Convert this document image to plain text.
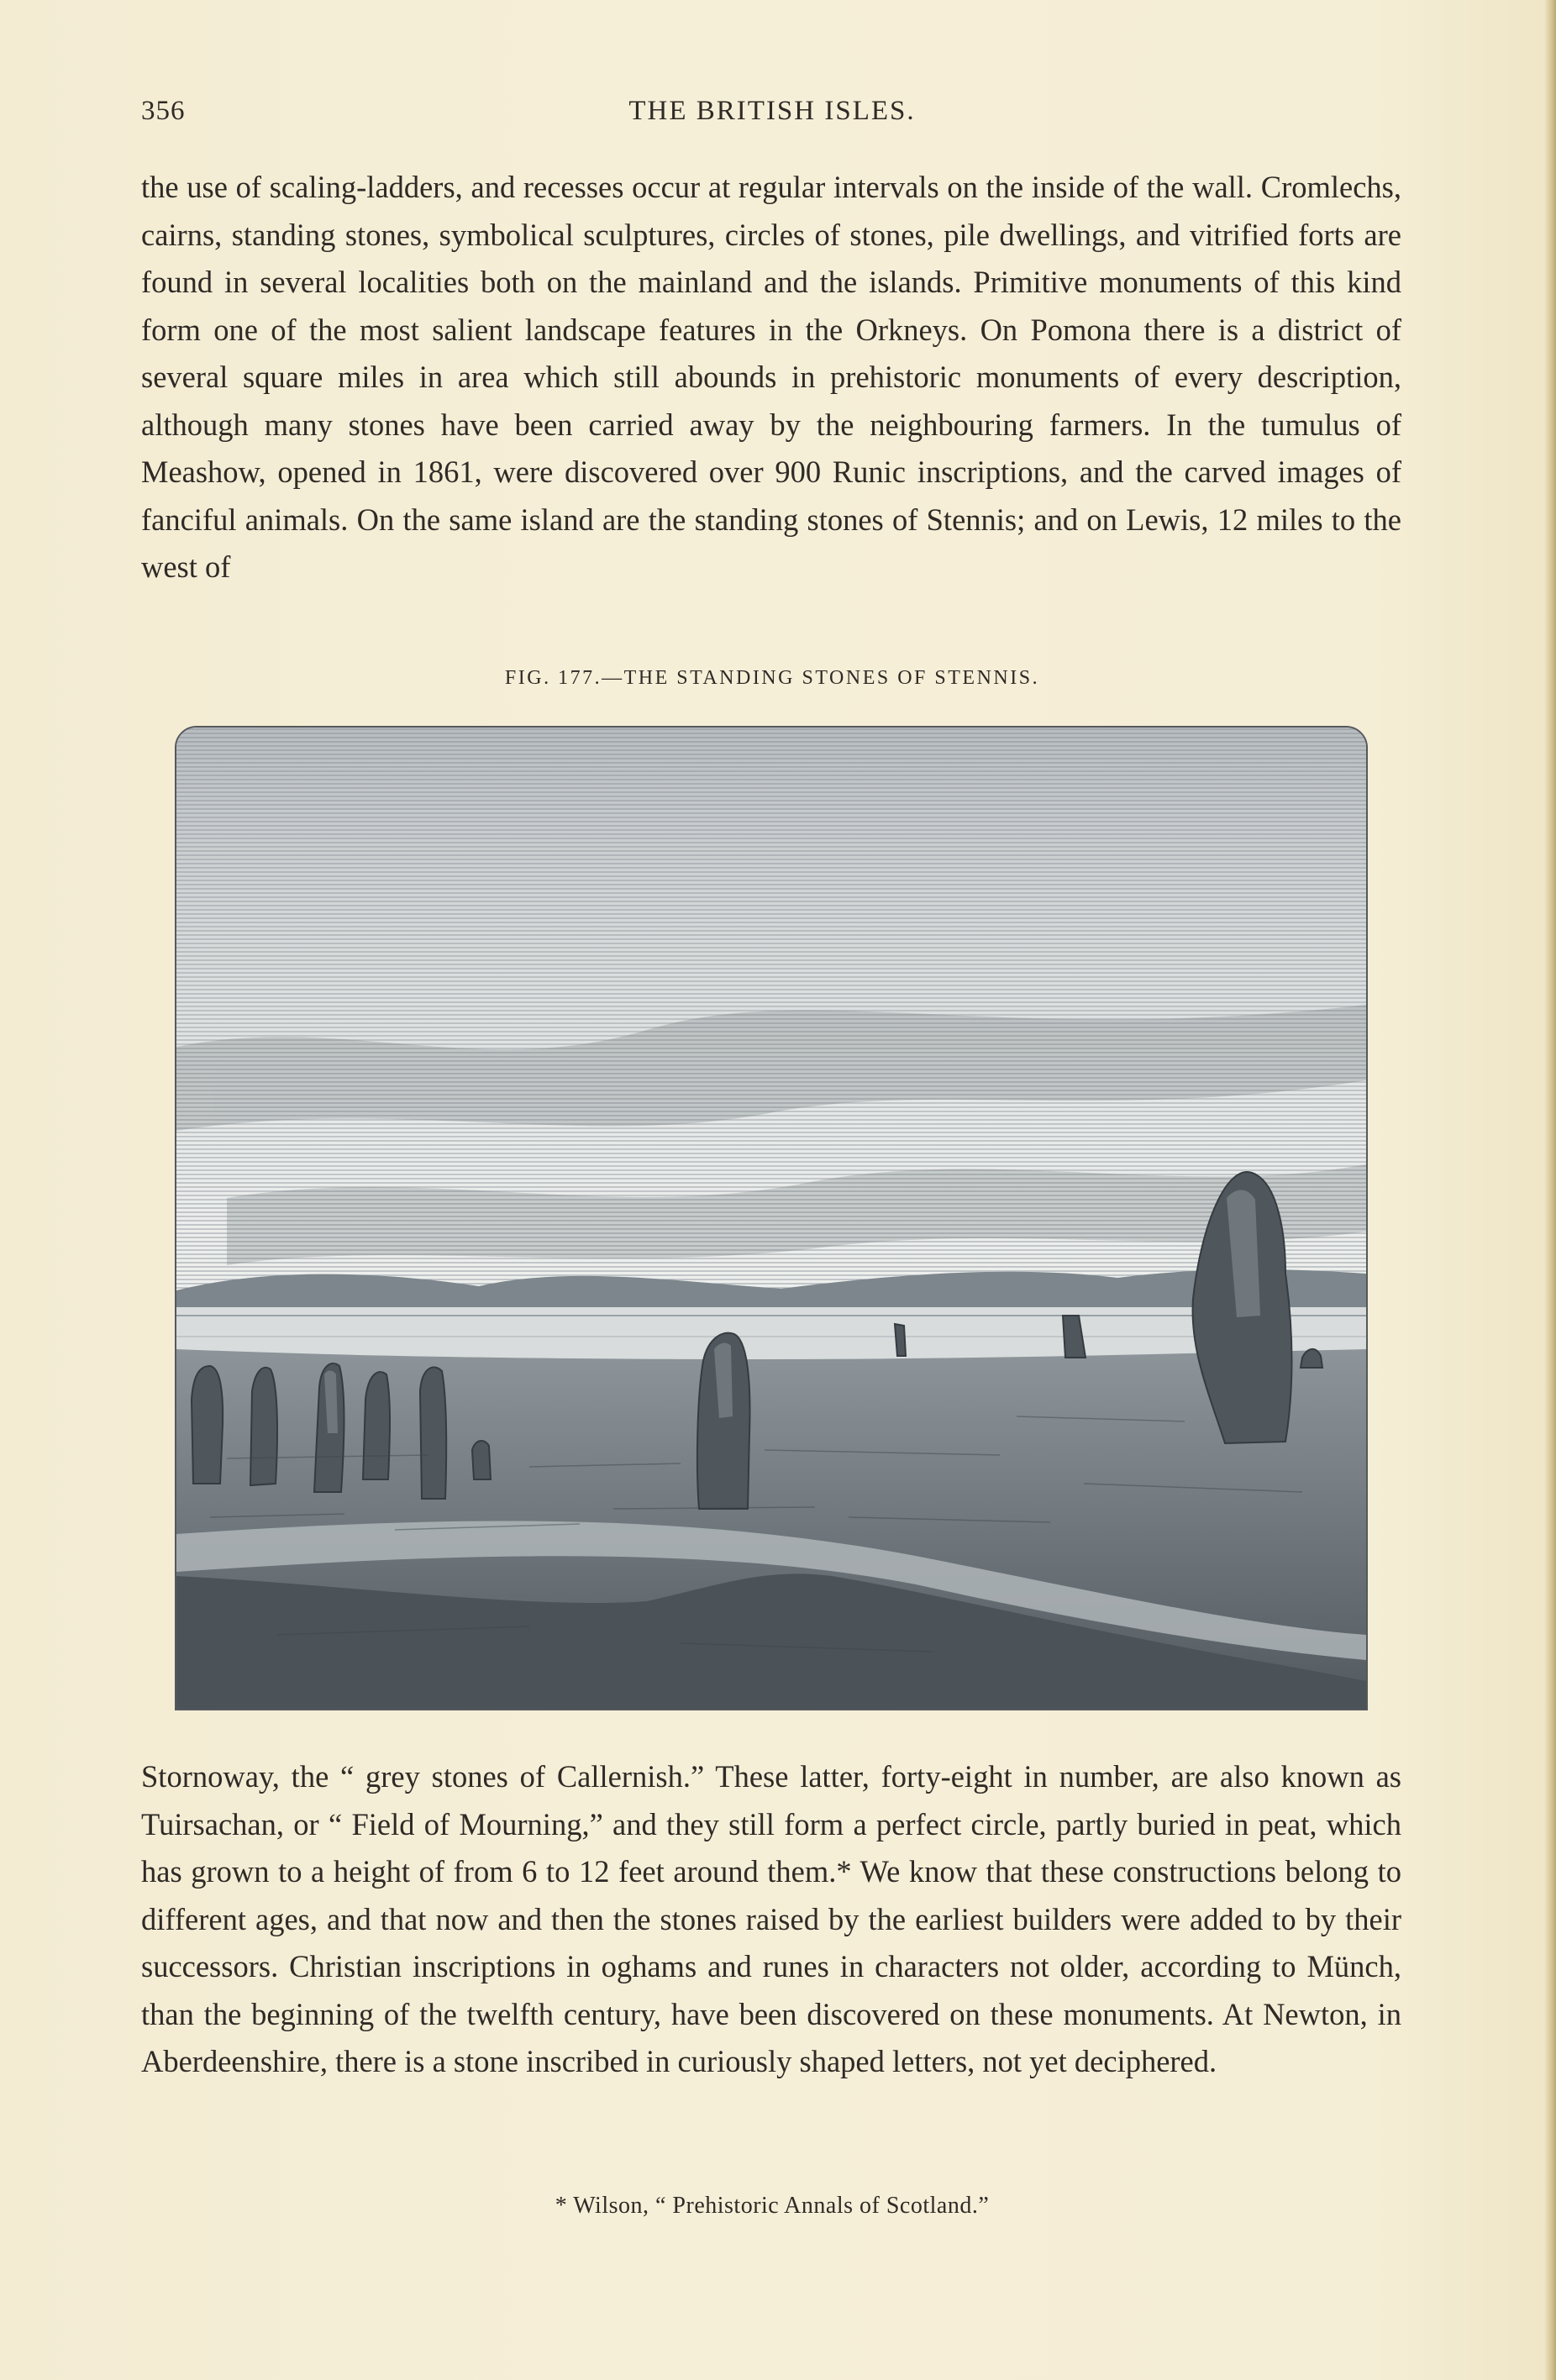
356	THE BRITISH ISLES.

the use of scaling-ladders, and recesses occur at regular intervals on the inside of the wall. Cromlechs, cairns, standing stones, symbolical sculptures, circles of stones, pile dwellings, and vitrified forts are found in several localities both on the mainland and the islands. Primitive monuments of this kind form one of the most salient landscape features in the Orkneys. On Pomona there is a district of several square miles in area which still abounds in prehistoric monuments of every description, although many stones have been carried away by the neighbouring farmers. In the tumulus of Meashow, opened in 1861, were discovered over 900 Runic inscriptions, and the carved images of fanciful animals. On the same island are the standing stones of Stennis; and on Lewis, 12 miles to the west of

FIG. 177.—THE STANDING STONES OF STENNIS.

Stornoway, the “ grey stones of Callernish.” These latter, forty-eight in number, are also known as Tuirsachan, or “ Field of Mourning,” and they still form a perfect circle, partly buried in peat, which has grown to a height of from 6 to 12 feet around them.* We know that these constructions belong to different ages, and that now and then the stones raised by the earliest builders were added to by their successors. Christian inscriptions in oghams and runes in characters not older, according to Münch, than the beginning of the twelfth century, have been discovered on these monuments. At Newton, in Aberdeenshire, there is a stone inscribed in curiously shaped letters, not yet deciphered.

* Wilson, “ Prehistoric Annals of Scotland.”
